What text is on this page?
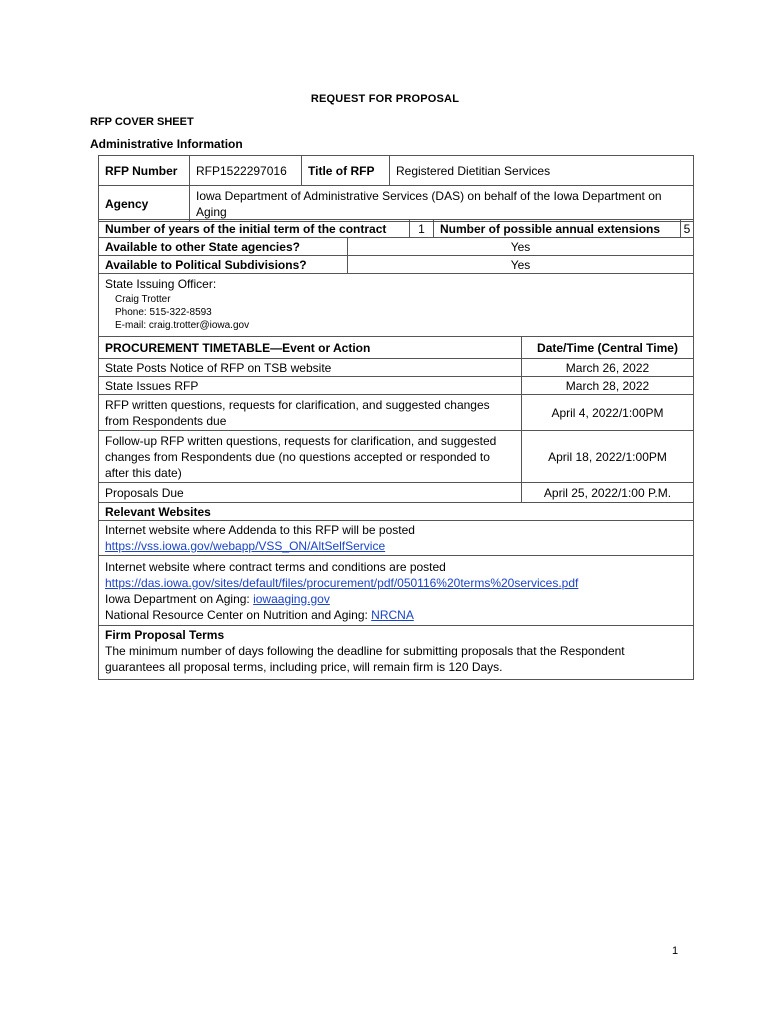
REQUEST FOR PROPOSAL
RFP COVER SHEET
Administrative Information
RFP Number	RFP1522297016	Title of RFP	Registered Dietitian Services
Agency	Iowa Department of Administrative Services (DAS) on behalf of the Iowa Department on Aging		
Number of years of the initial term of the contract	1	Number of possible annual extensions	5
Available to other State agencies?	Yes
Available to Political Subdivisions?	Yes

State Issuing Officer:
Craig Trotter
Phone: 515-322-8593
E-mail: craig.trotter@iowa.gov	
PROCUREMENT TIMETABLE—Event or Action	Date/Time (Central Time)
State Posts Notice of RFP on TSB website	March 26, 2022
State Issues RFP	March 28, 2022
RFP written questions, requests for clarification, and suggested changes from Respondents due	April 4, 2022/1:00PM
Follow-up RFP written questions, requests for clarification, and suggested changes from Respondents due (no questions accepted or responded to after this date)	April 18, 2022/1:00PM
Proposals Due	April 25, 2022/1:00 P.M.
Relevant Websites	

Internet website where Addenda to this RFP will be posted
https://vss.iowa.gov/webapp/VSS_ON/AltSelfService	

Internet website where contract terms and conditions are posted
https://das.iowa.gov/sites/default/files/procurement/pdf/050116%20terms%20services.pdf
Iowa Department on Aging: iowaaging.gov
National Resource Center on Nutrition and Aging: NRCNA	

Firm Proposal Terms
The minimum number of days following the deadline for submitting proposals that the Respondent guarantees all proposal terms, including price, will remain firm is 120 Days.	
1
